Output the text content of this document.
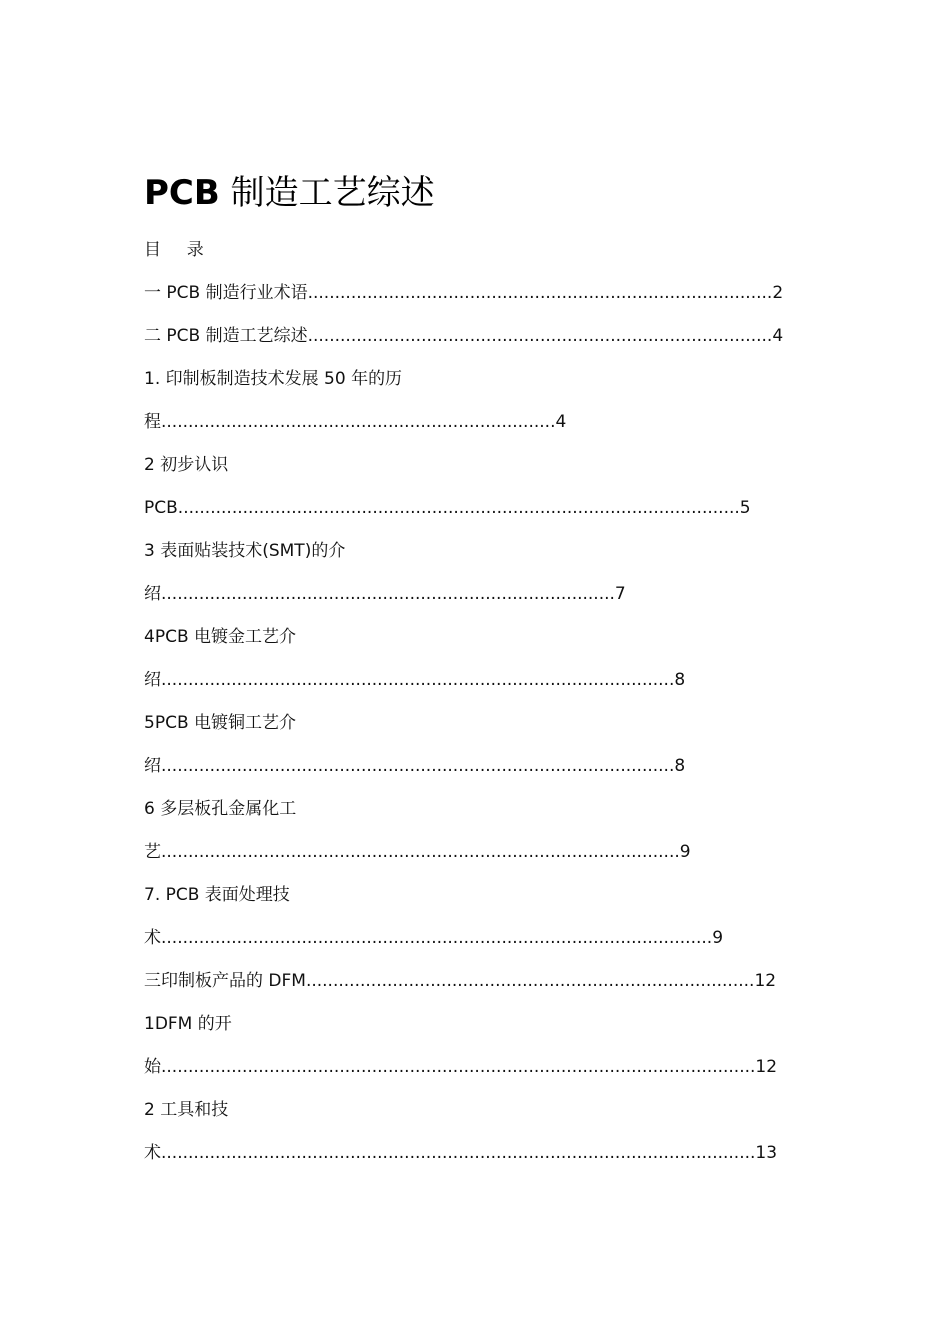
PCB 制造工艺综述
目 录
一 PCB 制造行业术语......................................................................................2
二 PCB 制造工艺综述......................................................................................4
1. 印制板制造技术发展 50 年的历
程.........................................................................4
2 初步认识
PCB........................................................................................................5
3 表面贴装技术(SMT)的介
绍....................................................................................7
4PCB 电镀金工艺介
绍...............................................................................................8
5PCB 电镀铜工艺介
绍...............................................................................................8
6 多层板孔金属化工
艺................................................................................................9
7. PCB 表面处理技
术......................................................................................................9
三印制板产品的 DFM...................................................................................12
1DFM 的开
始..............................................................................................................12
2 工具和技
术..............................................................................................................13
